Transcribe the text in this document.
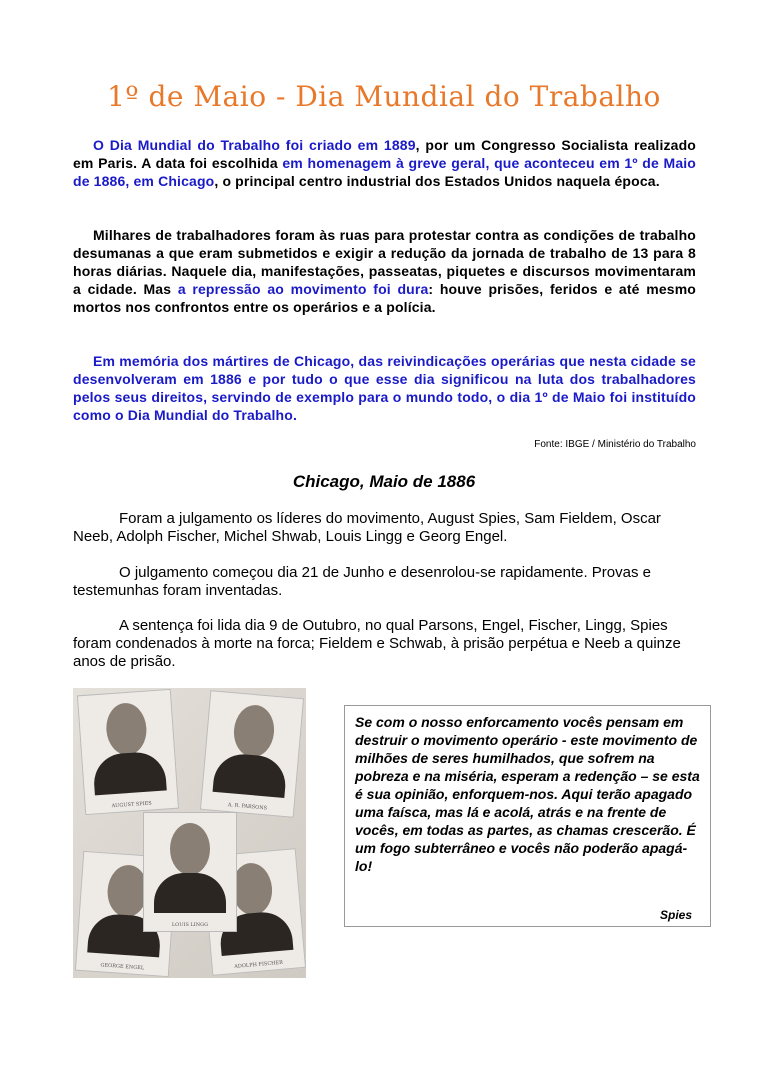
1º de Maio - Dia Mundial do Trabalho

O Dia Mundial do Trabalho foi criado em 1889, por um Congresso Socialista realizado em Paris. A data foi escolhida em homenagem à greve geral, que aconteceu em 1º de Maio de 1886, em Chicago, o principal centro industrial dos Estados Unidos naquela época.

Milhares de trabalhadores foram às ruas para protestar contra as condições de trabalho desumanas a que eram submetidos e exigir a redução da jornada de trabalho de 13 para 8 horas diárias. Naquele dia, manifestações, passeatas, piquetes e discursos movimentaram a cidade. Mas a repressão ao movimento foi dura: houve prisões, feridos e até mesmo mortos nos confrontos entre os operários e a polícia.

Em memória dos mártires de Chicago, das reivindicações operárias que nesta cidade se desenvolveram em 1886 e por tudo o que esse dia significou na luta dos trabalhadores pelos seus direitos, servindo de exemplo para o mundo todo, o dia 1º de Maio foi instituído como o Dia Mundial do Trabalho.

Fonte: IBGE / Ministério do Trabalho
Chicago, Maio de 1886

Foram a julgamento os líderes do movimento, August Spies, Sam Fieldem, Oscar Neeb, Adolph Fischer, Michel Shwab, Louis Lingg e Georg Engel.

O julgamento começou dia 21 de Junho e desenrolou-se rapidamente. Provas e testemunhas foram inventadas.

A sentença foi lida dia 9 de Outubro, no qual Parsons, Engel, Fischer, Lingg, Spies foram condenados à morte na forca; Fieldem e Schwab, à prisão perpétua e Neeb a quinze anos de prisão.

AUGUST SPIES	A. R. PARSONS
GEORGE ENGEL	ADOLPH FISCHER
LOUIS LINGG

Se com o nosso enforcamento vocês pensam em destruir o movimento operário - este movimento de milhões de seres humilhados, que sofrem na pobreza e na miséria, esperam a redenção – se esta é sua opinião, enforquem-nos. Aqui terão apagado uma faísca, mas lá e acolá, atrás e na frente de vocês, em todas as partes, as chamas crescerão. É um fogo subterrâneo e vocês não poderão apagá-lo!

Spies
